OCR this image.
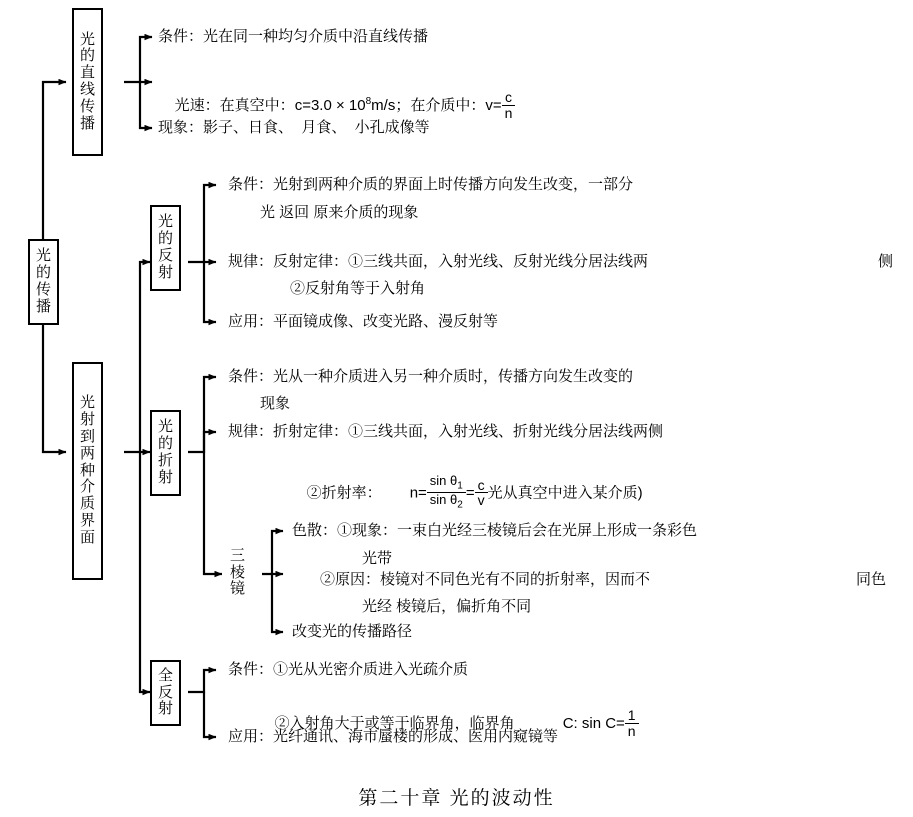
光的传播
光的直线传播
光射到两种介质界面
光的反射
光的折射
三棱镜
全反射
条件：光在同一种均匀介质中沿直线传播

光速：在真空中：$c=3.0 \times 10^8m/s$；在介质中：$v= \frac{c}{n}$

现象：影子、日食、  月食、  小孔成像等
条件：光射到两种介质的界面上时传播方向发生改变，一部分
光 返回 原来介质的现象
规律：反射定律：①三线共面，入射光线、反射光线分居法线两	侧
②反射角等于入射角
应用：平面镜成像、改变光路、漫反射等
条件：光从一种介质进入另一种介质时，传播方向发生改变的
现象
规律：折射定律：①三线共面，入射光线、折射光线分居法线两侧

②折射率： $n= \frac{\sin \theta_1}{\sin \theta_2} = \frac{c}{v}$ 光从真空中进入某介质)

色散：①现象：一束白光经三棱镜后会在光屏上形成一条彩色
光带
②原因：棱镜对不同色光有不同的折射率，因而不	同色
光经 棱镜后，偏折角不同
改变光的传播路径
条件：①光从光密介质进入光疏介质

②入射角大于或等于临界角，临界角	C: $\sin C= \frac{1}{n}$

应用：光纤通讯、海市蜃楼的形成、医用内窥镜等
第二十章 光的波动性
